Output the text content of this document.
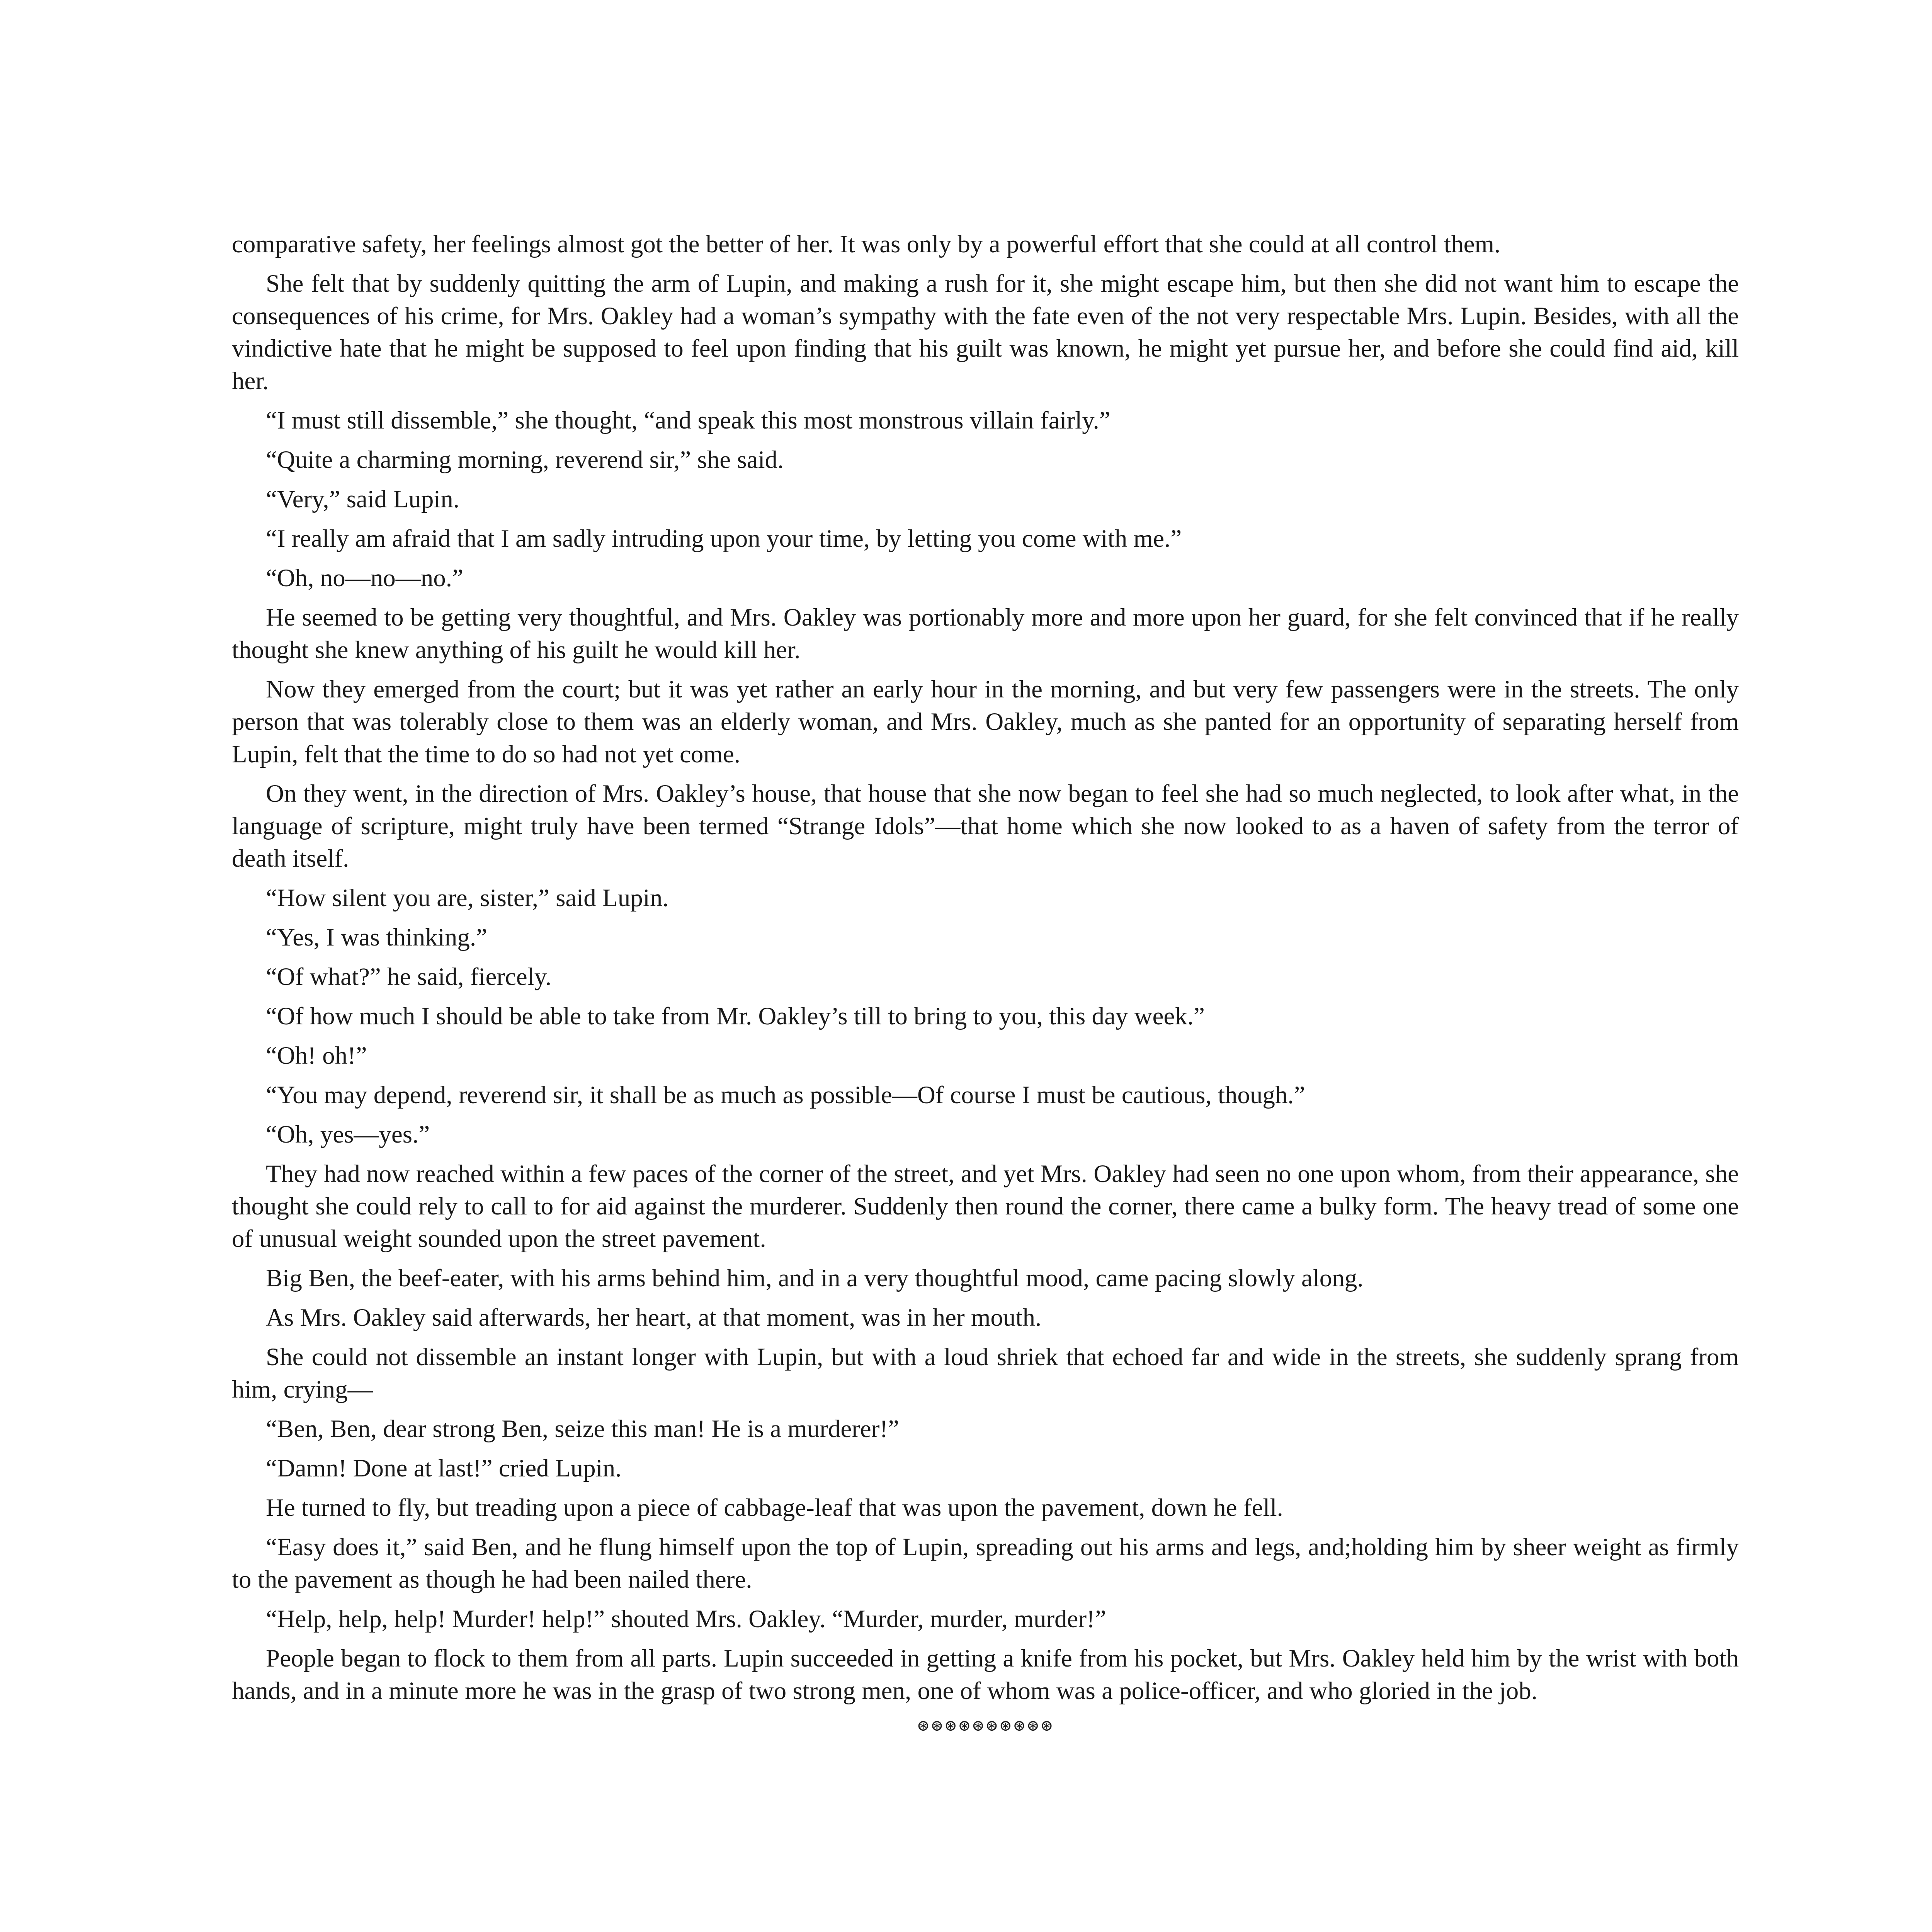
comparative safety, her feelings almost got the better of her. It was only by a powerful effort that she could at all control them.

She felt that by suddenly quitting the arm of Lupin, and making a rush for it, she might escape him, but then she did not want him to escape the consequences of his crime, for Mrs. Oakley had a woman’s sympathy with the fate even of the not very respectable Mrs. Lupin. Besides, with all the vindictive hate that he might be supposed to feel upon finding that his guilt was known, he might yet pursue her, and before she could find aid, kill her.

“I must still dissemble,” she thought, “and speak this most monstrous villain fairly.”

“Quite a charming morning, reverend sir,” she said.

“Very,” said Lupin.

“I really am afraid that I am sadly intruding upon your time, by letting you come with me.”

“Oh, no—no—no.”

He seemed to be getting very thoughtful, and Mrs. Oakley was portionably more and more upon her guard, for she felt convinced that if he really thought she knew anything of his guilt he would kill her.

Now they emerged from the court; but it was yet rather an early hour in the morning, and but very few passengers were in the streets. The only person that was tolerably close to them was an elderly woman, and Mrs. Oakley, much as she panted for an opportunity of separating herself from Lupin, felt that the time to do so had not yet come.

On they went, in the direction of Mrs. Oakley’s house, that house that she now began to feel she had so much neglected, to look after what, in the language of scripture, might truly have been termed “Strange Idols”—that home which she now looked to as a haven of safety from the terror of death itself.

“How silent you are, sister,” said Lupin.

“Yes, I was thinking.”

“Of what?” he said, fiercely.

“Of how much I should be able to take from Mr. Oakley’s till to bring to you, this day week.”

“Oh! oh!”

“You may depend, reverend sir, it shall be as much as possible—Of course I must be cautious, though.”

“Oh, yes—yes.”

They had now reached within a few paces of the corner of the street, and yet Mrs. Oakley had seen no one upon whom, from their appearance, she thought she could rely to call to for aid against the murderer. Suddenly then round the corner, there came a bulky form. The heavy tread of some one of unusual weight sounded upon the street pavement.

Big Ben, the beef-eater, with his arms behind him, and in a very thoughtful mood, came pacing slowly along.

As Mrs. Oakley said afterwards, her heart, at that moment, was in her mouth.

She could not dissemble an instant longer with Lupin, but with a loud shriek that echoed far and wide in the streets, she suddenly sprang from him, crying—

“Ben, Ben, dear strong Ben, seize this man! He is a murderer!”

“Damn! Done at last!” cried Lupin.

He turned to fly, but treading upon a piece of cabbage-leaf that was upon the pavement, down he fell.

“Easy does it,” said Ben, and he flung himself upon the top of Lupin, spreading out his arms and legs, and;holding him by sheer weight as firmly to the pavement as though he had been nailed there.

“Help, help, help! Murder! help!” shouted Mrs. Oakley. “Murder, murder, murder!”

People began to flock to them from all parts. Lupin succeeded in getting a knife from his pocket, but Mrs. Oakley held him by the wrist with both hands, and in a minute more he was in the grasp of two strong men, one of whom was a police-officer, and who gloried in the job.

⊛⊛⊛⊛⊛⊛⊛⊛⊛⊛
